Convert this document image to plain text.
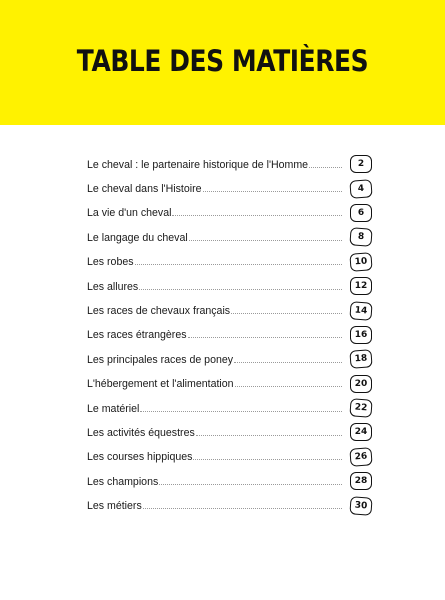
TABLE DES MATIÈRES
Le cheval : le partenaire historique de l'Homme	2
Le cheval dans l'Histoire	4
La vie d'un cheval	6
Le langage du cheval	8
Les robes	10
Les allures	12
Les races de chevaux français	14
Les races étrangères	16
Les principales races de poney	18
L'hébergement et l'alimentation	20
Le matériel	22
Les activités équestres	24
Les courses hippiques	26
Les champions	28
Les métiers	30
